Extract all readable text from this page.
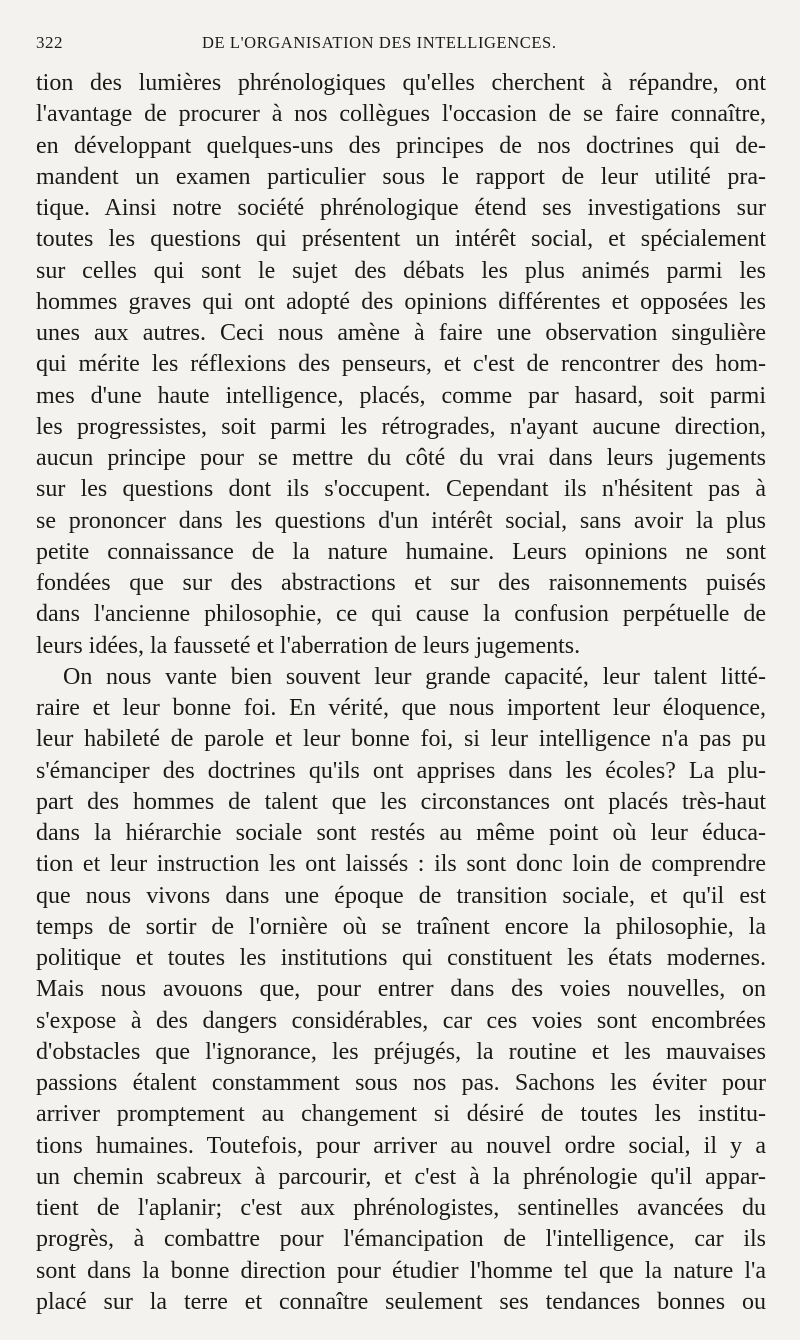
322	DE L'ORGANISATION DES INTELLIGENCES.
tion des lumières phrénologiques qu'elles cherchent à répandre, ont
l'avantage de procurer à nos collègues l'occasion de se faire connaître,
en développant quelques-uns des principes de nos doctrines qui de-
mandent un examen particulier sous le rapport de leur utilité pra-
tique. Ainsi notre société phrénologique étend ses investigations sur
toutes les questions qui présentent un intérêt social, et spécialement
sur celles qui sont le sujet des débats les plus animés parmi les
hommes graves qui ont adopté des opinions différentes et opposées les
unes aux autres. Ceci nous amène à faire une observation singulière
qui mérite les réflexions des penseurs, et c'est de rencontrer des hom-
mes d'une haute intelligence, placés, comme par hasard, soit parmi
les progressistes, soit parmi les rétrogrades, n'ayant aucune direction,
aucun principe pour se mettre du côté du vrai dans leurs jugements
sur les questions dont ils s'occupent. Cependant ils n'hésitent pas à
se prononcer dans les questions d'un intérêt social, sans avoir la plus
petite connaissance de la nature humaine. Leurs opinions ne sont
fondées que sur des abstractions et sur des raisonnements puisés
dans l'ancienne philosophie, ce qui cause la confusion perpétuelle de
leurs idées, la fausseté et l'aberration de leurs jugements.
On nous vante bien souvent leur grande capacité, leur talent litté-
raire et leur bonne foi. En vérité, que nous importent leur éloquence,
leur habileté de parole et leur bonne foi, si leur intelligence n'a pas pu
s'émanciper des doctrines qu'ils ont apprises dans les écoles? La plu-
part des hommes de talent que les circonstances ont placés très-haut
dans la hiérarchie sociale sont restés au même point où leur éduca-
tion et leur instruction les ont laissés : ils sont donc loin de comprendre
que nous vivons dans une époque de transition sociale, et qu'il est
temps de sortir de l'ornière où se traînent encore la philosophie, la
politique et toutes les institutions qui constituent les états modernes.
Mais nous avouons que, pour entrer dans des voies nouvelles, on
s'expose à des dangers considérables, car ces voies sont encombrées
d'obstacles que l'ignorance, les préjugés, la routine et les mauvaises
passions étalent constamment sous nos pas. Sachons les éviter pour
arriver promptement au changement si désiré de toutes les institu-
tions humaines. Toutefois, pour arriver au nouvel ordre social, il y a
un chemin scabreux à parcourir, et c'est à la phrénologie qu'il appar-
tient de l'aplanir; c'est aux phrénologistes, sentinelles avancées du
progrès, à combattre pour l'émancipation de l'intelligence, car ils
sont dans la bonne direction pour étudier l'homme tel que la nature l'a
placé sur la terre et connaître seulement ses tendances bonnes ou
